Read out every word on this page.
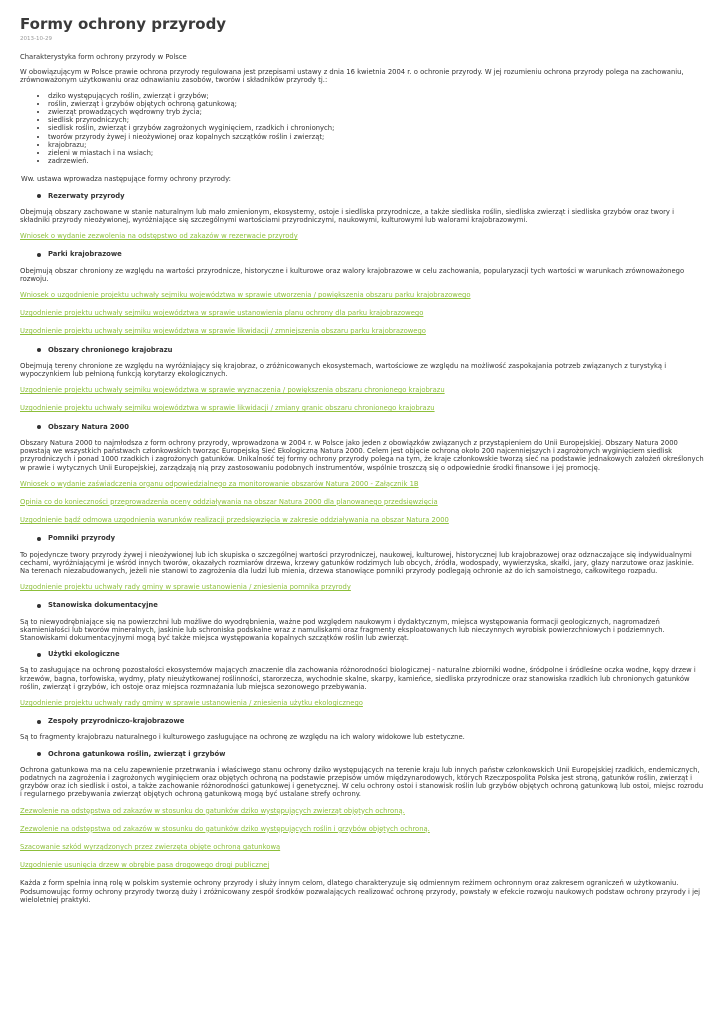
Formy ochrony przyrody
2013-10-29

Charakterystyka form ochrony przyrody w Polsce

W obowiązującym w Polsce prawie ochrona przyrody regulowana jest przepisami ustawy z dnia 16 kwietnia 2004 r. o ochronie przyrody. W jej rozumieniu ochrona przyrody polega na zachowaniu, zrównoważonym użytkowaniu oraz odnawianiu zasobów, tworów i składników przyrody tj.:

• dziko występujących roślin, zwierząt i grzybów;
• roślin, zwierząt i grzybów objętych ochroną gatunkową;
• zwierząt prowadzących wędrowny tryb życia;
• siedlisk przyrodniczych;
• siedlisk roślin, zwierząt i grzybów zagrożonych wyginięciem, rzadkich i chronionych;
• tworów przyrody żywej i nieożywionej oraz kopalnych szczątków roślin i zwierząt;
• krajobrazu;
• zieleni w miastach i na wsiach;
• zadrzewień.

Ww. ustawa wprowadza następujące formy ochrony przyrody:

Rezerwaty przyrody

Obejmują obszary zachowane w stanie naturalnym lub mało zmienionym, ekosystemy, ostoje i siedliska przyrodnicze, a także siedliska roślin, siedliska zwierząt i siedliska grzybów oraz twory i składniki przyrody nieożywionej, wyróżniające się szczególnymi wartościami przyrodniczymi, naukowymi, kulturowymi lub walorami krajobrazowymi.

Wniosek o wydanie zezwolenia na odstępstwo od zakazów w rezerwacie przyrody
Parki krajobrazowe

Obejmują obszar chroniony ze względu na wartości przyrodnicze, historyczne i kulturowe oraz walory krajobrazowe w celu zachowania, popularyzacji tych wartości w warunkach zrównoważonego rozwoju.

Wniosek o uzgodnienie projektu uchwały sejmiku województwa w sprawie utworzenia / powiększenia obszaru parku krajobrazowego
Uzgodnienie projektu uchwały sejmiku województwa w sprawie ustanowienia planu ochrony dla parku krajobrazowego
Uzgodnienie projektu uchwały sejmiku województwa w sprawie likwidacji / zmniejszenia obszaru parku krajobrazowego
Obszary chronionego krajobrazu

Obejmują tereny chronione ze względu na wyróżniający się krajobraz, o zróżnicowanych ekosystemach, wartościowe ze względu na możliwość zaspokajania potrzeb związanych z turystyką i wypoczynkiem lub pełnioną funkcją korytarzy ekologicznych.

Uzgodnienie projektu uchwały sejmiku województwa w sprawie wyznaczenia / powiększenia obszaru chronionego krajobrazu
Uzgodnienie projektu uchwały sejmiku województwa w sprawie likwidacji / zmiany granic obszaru chronionego krajobrazu
Obszary Natura 2000

Obszary Natura 2000 to najmłodsza z form ochrony przyrody, wprowadzona w 2004 r. w Polsce jako jeden z obowiązków związanych z przystąpieniem do Unii Europejskiej. Obszary Natura 2000 powstają we wszystkich państwach członkowskich tworząc Europejską Sieć Ekologiczną Natura 2000. Celem jest objęcie ochroną około 200 najcenniejszych i zagrożonych wyginięciem siedlisk przyrodniczych i ponad 1000 rzadkich i zagrożonych gatunków. Unikalność tej formy ochrony przyrody polega na tym, że kraje członkowskie tworzą sieć na podstawie jednakowych założeń określonych w prawie i wytycznych Unii Europejskiej, zarządzają nią przy zastosowaniu podobnych instrumentów, wspólnie troszczą się o odpowiednie środki finansowe i jej promocję.

Wniosek o wydanie zaświadczenia organu odpowiedzialnego za monitorowanie obszarów Natura 2000 - Załącznik 1B
Opinia co do konieczności przeprowadzenia oceny oddziaływania na obszar Natura 2000 dla planowanego przedsięwzięcia
Uzgodnienie bądź odmowa uzgodnienia warunków realizacji przedsięwzięcia w zakresie oddziaływania na obszar Natura 2000
Pomniki przyrody

To pojedyncze twory przyrody żywej i nieożywionej lub ich skupiska o szczególnej wartości przyrodniczej, naukowej, kulturowej, historycznej lub krajobrazowej oraz odznaczające się indywidualnymi cechami, wyróżniającymi je wśród innych tworów, okazałych rozmiarów drzewa, krzewy gatunków rodzimych lub obcych, źródła, wodospady, wywierzyska, skałki, jary, głazy narzutowe oraz jaskinie. Na terenach niezabudowanych, jeżeli nie stanowi to zagrożenia dla ludzi lub mienia, drzewa stanowiące pomniki przyrody podlegają ochronie aż do ich samoistnego, całkowitego rozpadu.

Uzgodnienie projektu uchwały rady gminy w sprawie ustanowienia / zniesienia pomnika przyrody
Stanowiska dokumentacyjne

Są to niewyodrębniające się na powierzchni lub możliwe do wyodrębnienia, ważne pod względem naukowym i dydaktycznym, miejsca występowania formacji geologicznych, nagromadzeń skamieniałości lub tworów mineralnych, jaskinie lub schroniska podskalne wraz z namuliskami oraz fragmenty eksploatowanych lub nieczynnych wyrobisk powierzchniowych i podziemnych. Stanowiskami dokumentacyjnymi mogą być także miejsca występowania kopalnych szczątków roślin lub zwierząt.

Użytki ekologiczne

Są to zasługujące na ochronę pozostałości ekosystemów mających znaczenie dla zachowania różnorodności biologicznej - naturalne zbiorniki wodne, śródpolne i śródleśne oczka wodne, kępy drzew i krzewów, bagna, torfowiska, wydmy, płaty nieużytkowanej roślinności, starorzecza, wychodnie skalne, skarpy, kamieńce, siedliska przyrodnicze oraz stanowiska rzadkich lub chronionych gatunków roślin, zwierząt i grzybów, ich ostoje oraz miejsca rozmnażania lub miejsca sezonowego przebywania.

Uzgodnienie projektu uchwały rady gminy w sprawie ustanowienia / zniesienia użytku ekologicznego
Zespoły przyrodniczo-krajobrazowe

Są to fragmenty krajobrazu naturalnego i kulturowego zasługujące na ochronę ze względu na ich walory widokowe lub estetyczne.

Ochrona gatunkowa roślin, zwierząt i grzybów

Ochrona gatunkowa ma na celu zapewnienie przetrwania i właściwego stanu ochrony dziko występujących na terenie kraju lub innych państw członkowskich Unii Europejskiej rzadkich, endemicznych, podatnych na zagrożenia i zagrożonych wyginięciem oraz objętych ochroną na podstawie przepisów umów międzynarodowych, których Rzeczpospolita Polska jest stroną, gatunków roślin, zwierząt i grzybów oraz ich siedlisk i ostoi, a także zachowanie różnorodności gatunkowej i genetycznej. W celu ochrony ostoi i stanowisk roślin lub grzybów objętych ochroną gatunkową lub ostoi, miejsc rozrodu i regularnego przebywania zwierząt objętych ochroną gatunkową mogą być ustalane strefy ochrony.

Zezwolenie na odstępstwa od zakazów w stosunku do gatunków dziko występujących zwierząt objętych ochroną.
Zezwolenie na odstępstwa od zakazów w stosunku do gatunków dziko występujących roślin i grzybów objętych ochroną.
Szacowanie szkód wyrządzonych przez zwierzęta objęte ochroną gatunkową
Uzgodnienie usunięcia drzew w obrębie pasa drogowego drogi publicznej

Każda z form spełnia inną rolę w polskim systemie ochrony przyrody i służy innym celom, dlatego charakteryzuje się odmiennym reżimem ochronnym oraz zakresem ograniczeń w użytkowaniu. Podsumowując formy ochrony przyrody tworzą duży i zróżnicowany zespół środków pozwalających realizować ochronę przyrody, powstały w efekcie rozwoju naukowych podstaw ochrony przyrody i jej wieloletniej praktyki.
